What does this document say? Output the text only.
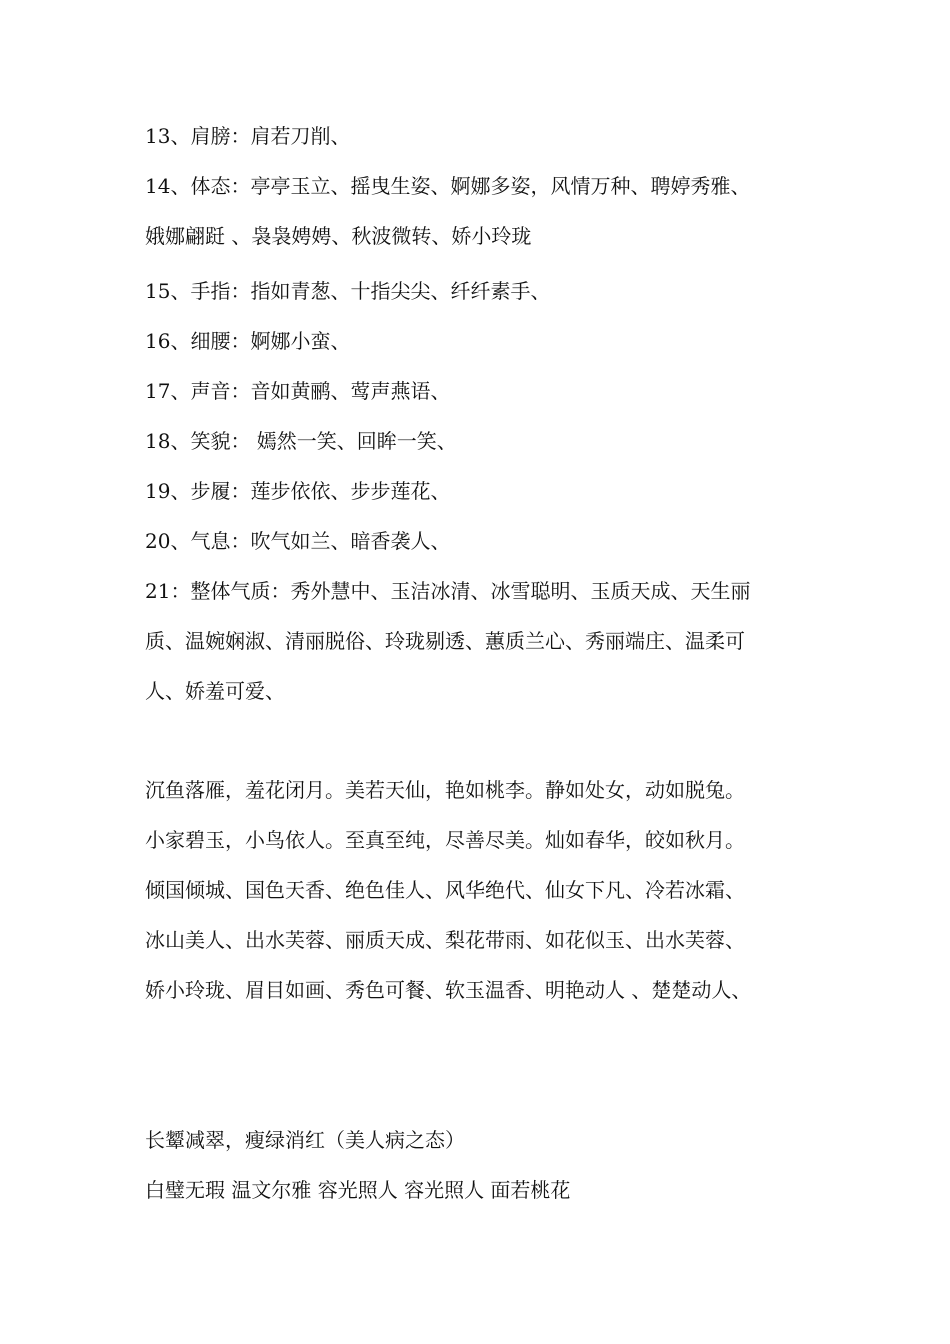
13、肩膀：肩若刀削、
14、体态：亭亭玉立、摇曳生姿、婀娜多姿，风情万种、聘婷秀雅、
娥娜翩跹 、袅袅娉娉、秋波微转、娇小玲珑
15、手指：指如青葱、十指尖尖、纤纤素手、
16、细腰：婀娜小蛮、
17、声音：音如黄鹂、莺声燕语、
18、笑貌： 嫣然一笑、回眸一笑、
19、步履：莲步依依、步步莲花、
20、气息：吹气如兰、暗香袭人、
21：整体气质：秀外慧中、玉洁冰清、冰雪聪明、玉质天成、天生丽
质、温婉娴淑、清丽脱俗、玲珑剔透、蕙质兰心、秀丽端庄、温柔可
人、娇羞可爱、
沉鱼落雁，羞花闭月。美若天仙，艳如桃李。静如处女，动如脱兔。
小家碧玉，小鸟依人。至真至纯，尽善尽美。灿如春华，皎如秋月。
倾国倾城、国色天香、绝色佳人、风华绝代、仙女下凡、冷若冰霜、
冰山美人、出水芙蓉、丽质天成、梨花带雨、如花似玉、出水芙蓉、
娇小玲珑、眉目如画、秀色可餐、软玉温香、明艳动人 、楚楚动人、
长颦减翠，瘦绿消红（美人病之态）
白璧无瑕 温文尔雅 容光照人 容光照人 面若桃花
